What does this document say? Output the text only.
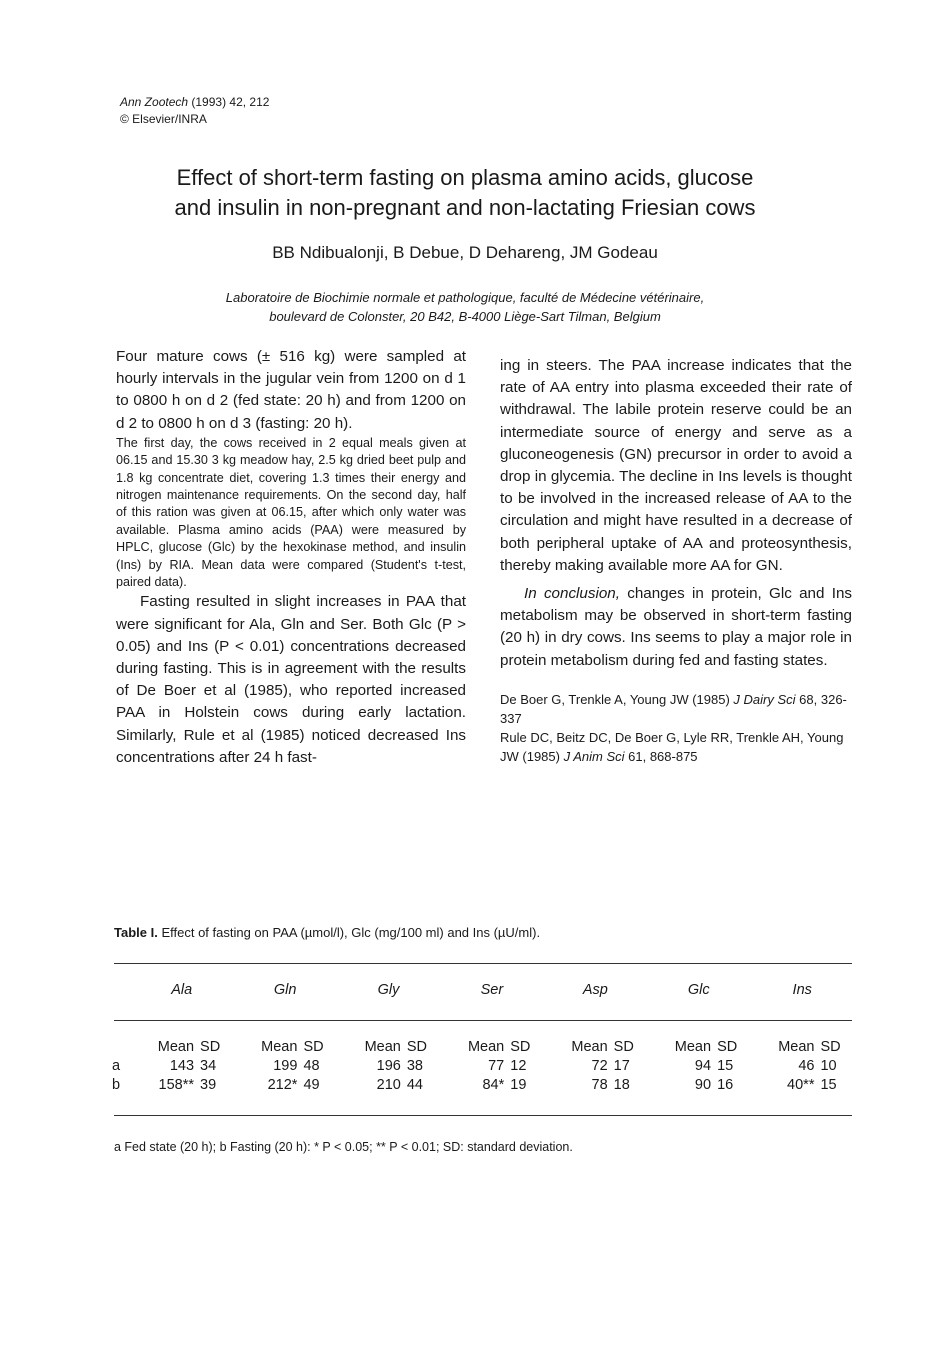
Ann Zootech (1993) 42, 212
© Elsevier/INRA
Effect of short-term fasting on plasma amino acids, glucose
and insulin in non-pregnant and non-lactating Friesian cows
BB Ndibualonji, B Debue, D Dehareng, JM Godeau
Laboratoire de Biochimie normale et pathologique, faculté de Médecine vétérinaire,
boulevard de Colonster, 20 B42, B-4000 Liège-Sart Tilman, Belgium

Four mature cows (± 516 kg) were sampled at hourly intervals in the jugular vein from 1200 on d 1 to 0800 h on d 2 (fed state: 20 h) and from 1200 on d 2 to 0800 h on d 3 (fasting: 20 h).

The first day, the cows received in 2 equal meals given at 06.15 and 15.30 3 kg meadow hay, 2.5 kg dried beet pulp and 1.8 kg concentrate diet, covering 1.3 times their energy and nitrogen maintenance requirements. On the second day, half of this ration was given at 06.15, after which only water was available. Plasma amino acids (PAA) were measured by HPLC, glucose (Glc) by the hexokinase method, and insulin (Ins) by RIA. Mean data were compared (Student's t-test, paired data).

Fasting resulted in slight increases in PAA that were significant for Ala, Gln and Ser. Both Glc (P > 0.05) and Ins (P < 0.01) concentrations decreased during fasting. This is in agreement with the results of De Boer et al (1985), who reported increased PAA in Holstein cows during early lactation. Similarly, Rule et al (1985) noticed decreased Ins concentrations after 24 h fast-

ing in steers. The PAA increase indicates that the rate of AA entry into plasma exceeded their rate of withdrawal. The labile protein reserve could be an intermediate source of energy and serve as a gluconeogenesis (GN) precursor in order to avoid a drop in glycemia. The decline in Ins levels is thought to be involved in the increased release of AA to the circulation and might have resulted in a decrease of both peripheral uptake of AA and proteosynthesis, thereby making available more AA for GN.

In conclusion, changes in protein, Glc and Ins metabolism may be observed in short-term fasting (20 h) in dry cows. Ins seems to play a major role in protein metabolism during fed and fasting states.

De Boer G, Trenkle A, Young JW (1985) J Dairy Sci 68, 326-337

Rule DC, Beitz DC, De Boer G, Lyle RR, Trenkle AH, Young JW (1985) J Anim Sci 61, 868-875

Table I. Effect of fasting on PAA (µmol/l), Glc (mg/100 ml) and Ins (µU/ml).
	Ala		Gln		Gly		Ser		Asp		Glc		Ins	

	Mean	SD	Mean	SD	Mean	SD	Mean	SD	Mean	SD	Mean	SD	Mean	SD
a	143	34	199	48	196	38	77	12	72	17	94	15	46	10
b	158**	39	212*	49	210	44	84*	19	78	18	90	16	40**	15
a Fed state (20 h); b Fasting (20 h): * P < 0.05; ** P < 0.01; SD: standard deviation.
